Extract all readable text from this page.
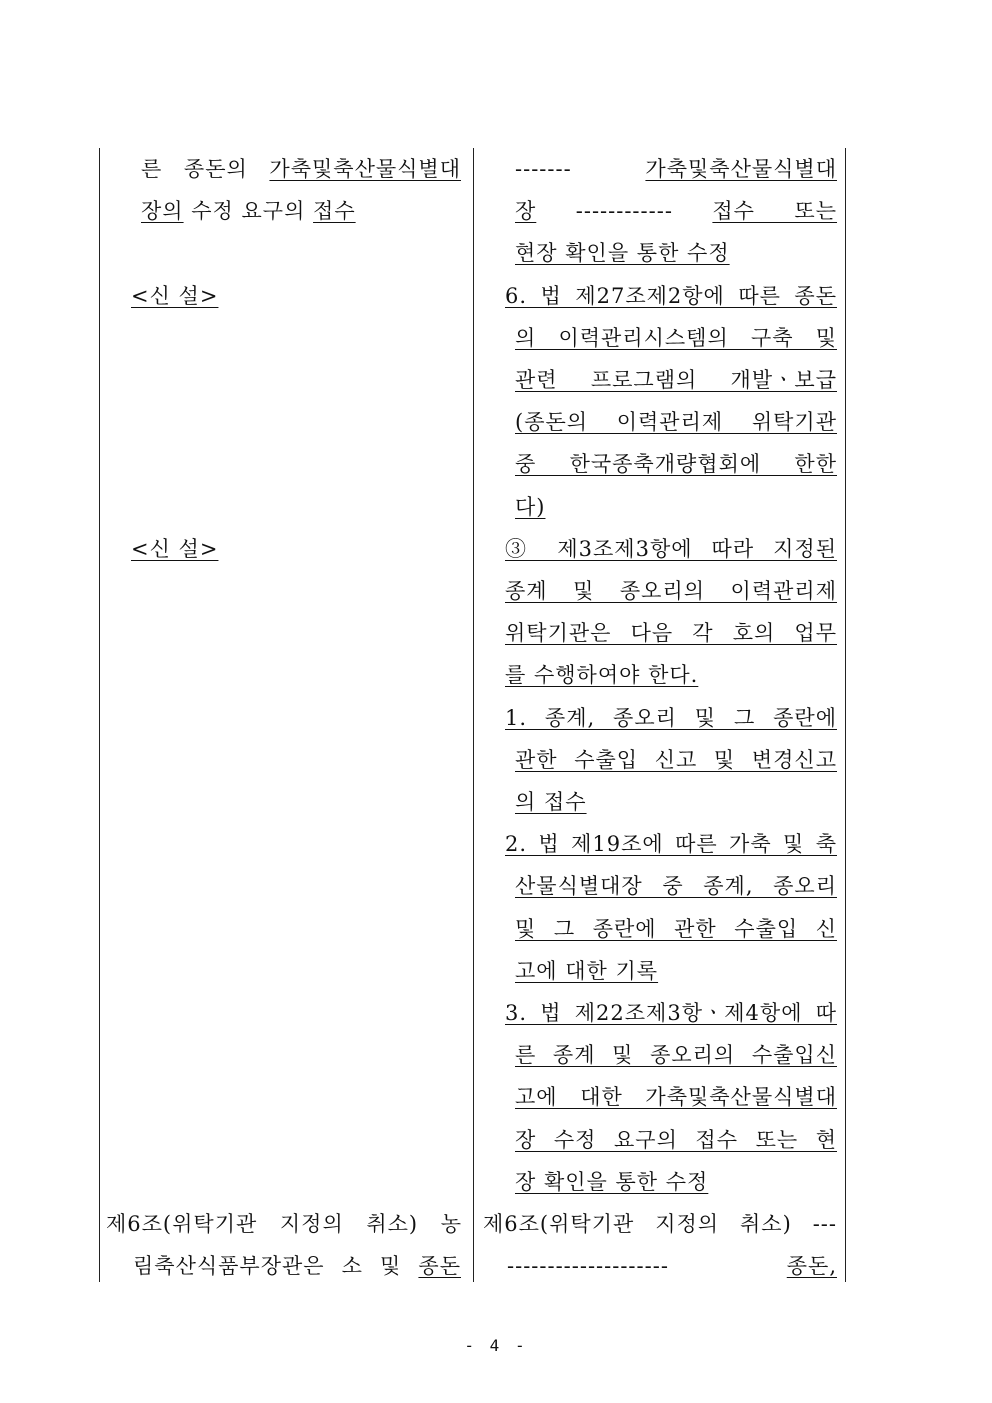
른 종돈의 가축및축산물식별대
장의 수정 요구의 접수
<신 설>
<신 설>
제6조(위탁기관 지정의 취소) 농
림축산식품부장관은 소 및 종돈
------- 가축및축산물식별대
장 ------------ 접수 또는
현장 확인을 통한 수정
6. 법 제27조제2항에 따른 종돈
의 이력관리시스템의 구축 및
관련 프로그램의 개발ㆍ보급
(종돈의 이력관리제 위탁기관
중 한국종축개량협회에 한한
다)
③ 제3조제3항에 따라 지정된
종계 및 종오리의 이력관리제
위탁기관은 다음 각 호의 업무
를 수행하여야 한다.
1. 종계, 종오리 및 그 종란에
관한 수출입 신고 및 변경신고
의 접수
2. 법 제19조에 따른 가축 및 축
산물식별대장 중 종계, 종오리
및 그 종란에 관한 수출입 신
고에 대한 기록
3. 법 제22조제3항ㆍ제4항에 따
른 종계 및 종오리의 수출입신
고에 대한 가축및축산물식별대
장 수정 요구의 접수 또는 현
장 확인을 통한 수정
제6조(위탁기관 지정의 취소) ---
-------------------- 종돈,
- 4 -
